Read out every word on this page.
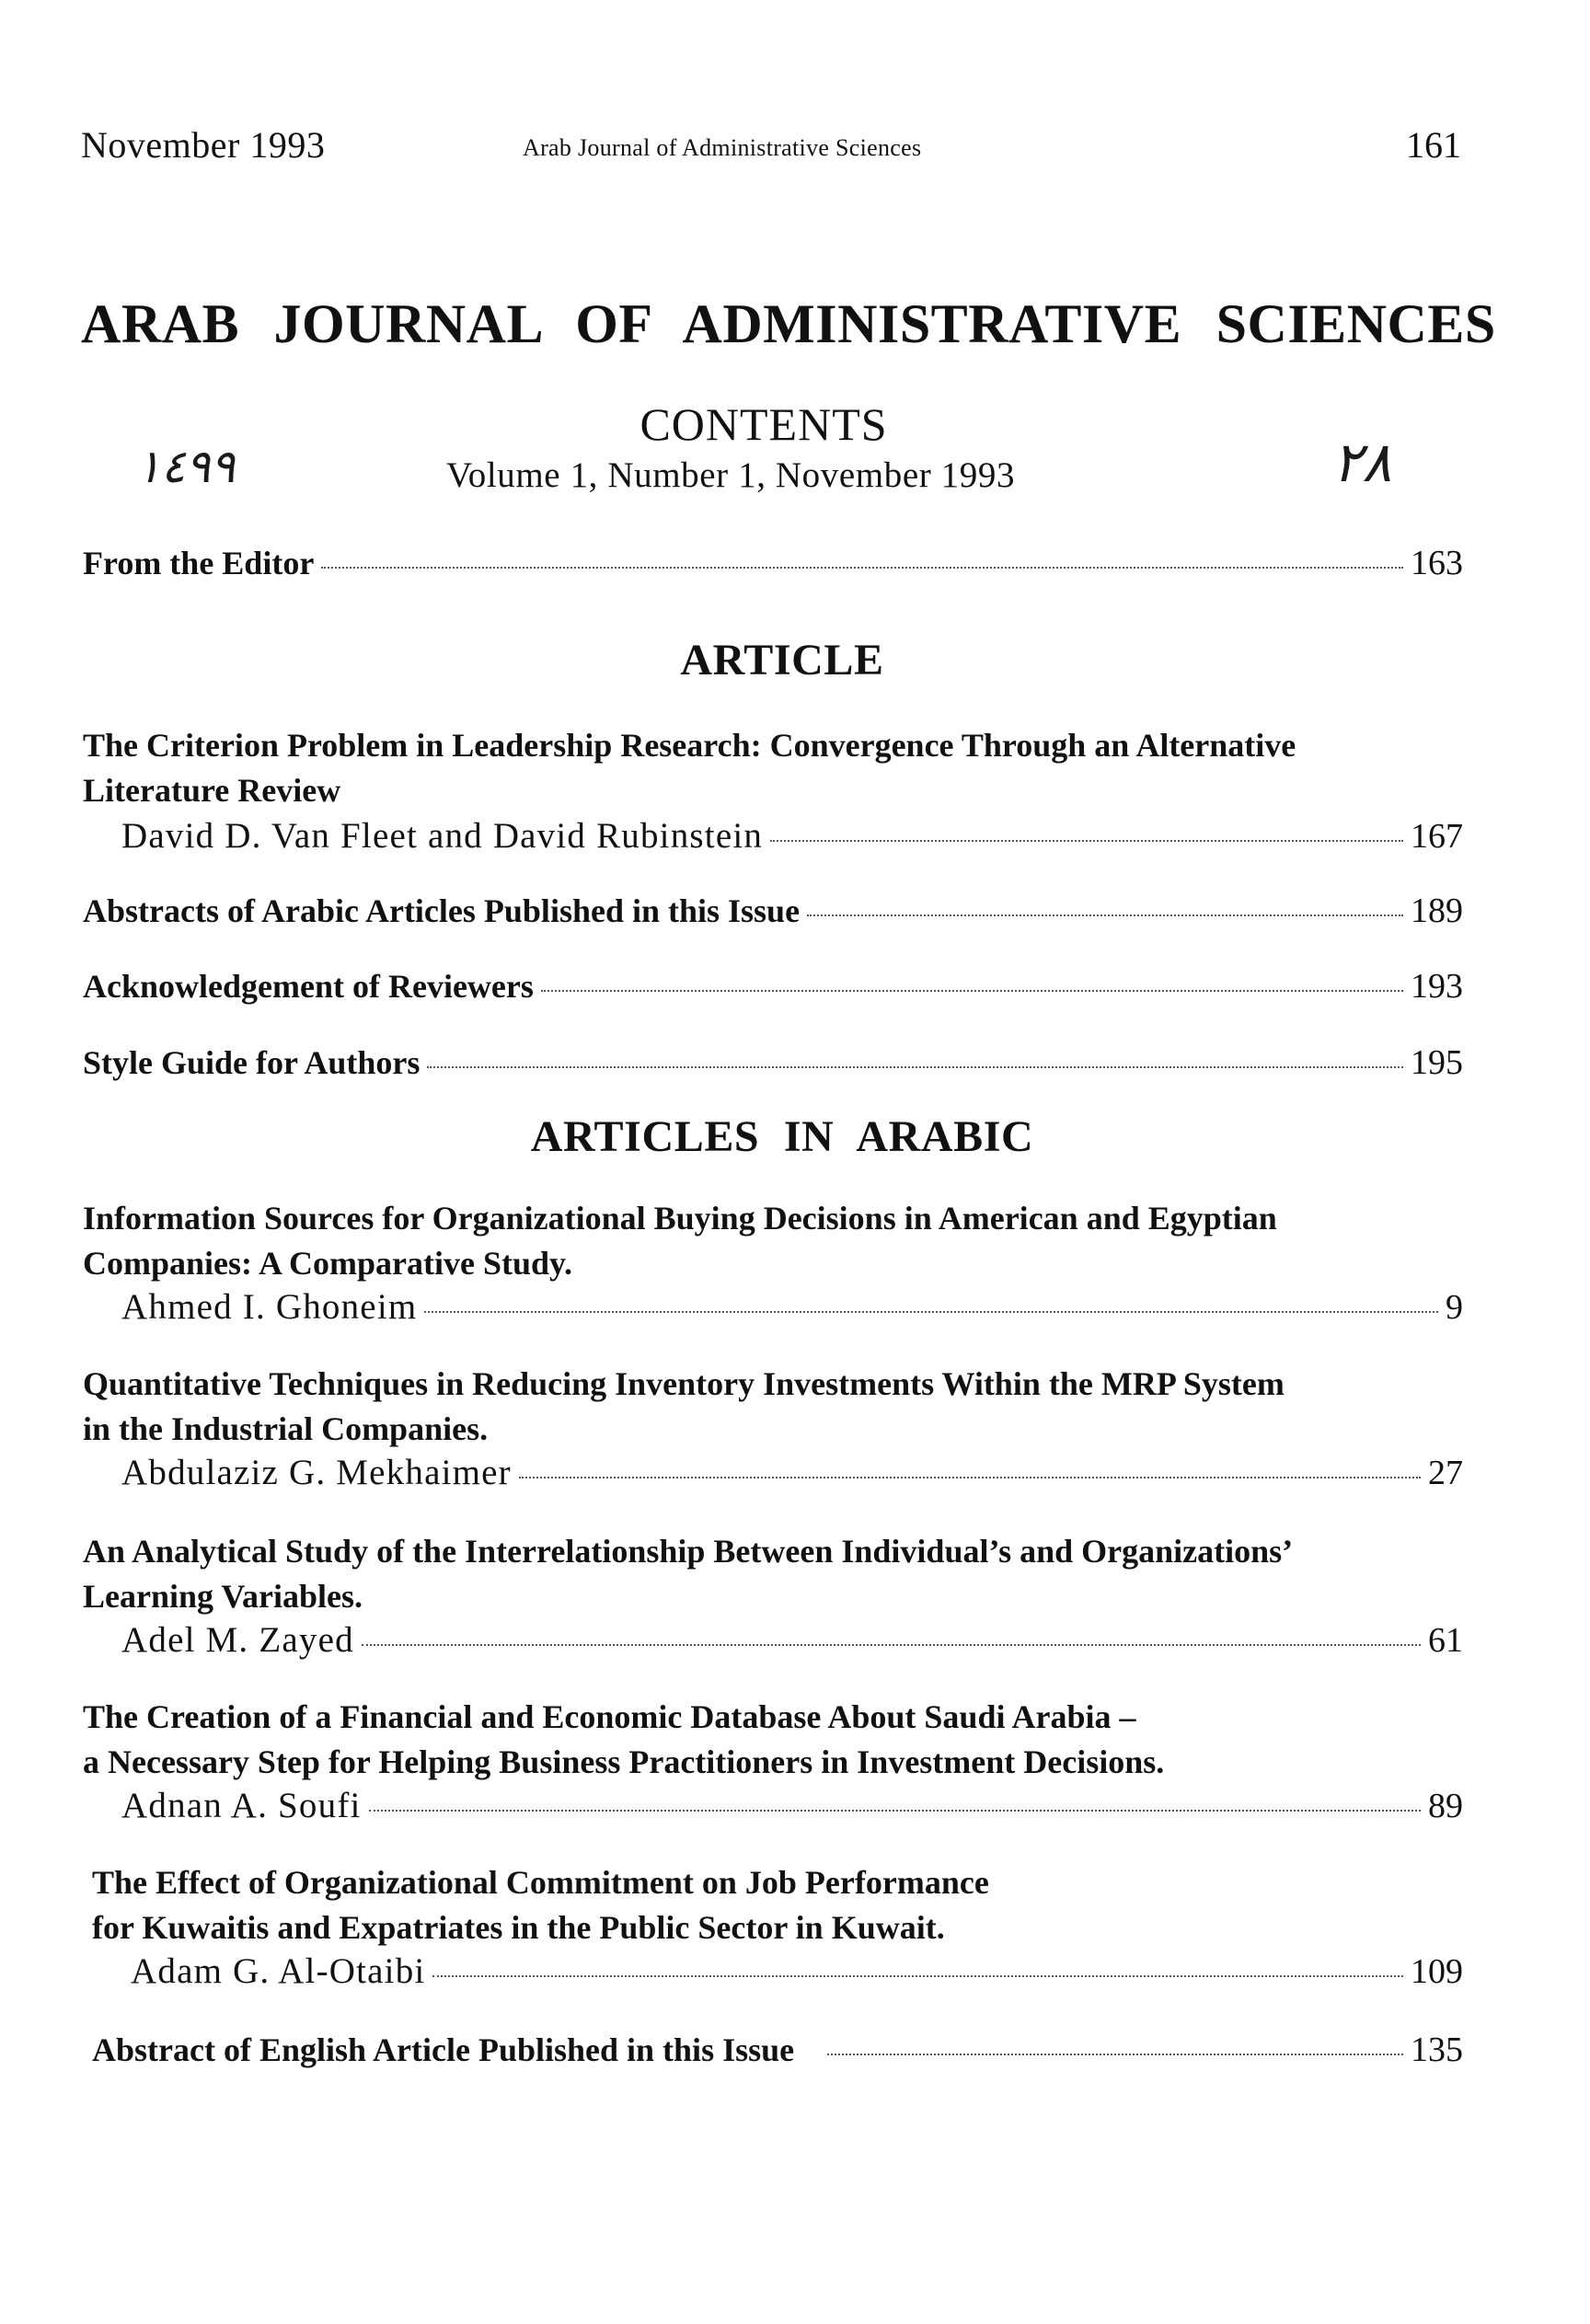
November 1993	Arab Journal of Administrative Sciences	161
ARAB JOURNAL OF ADMINISTRATIVE SCIENCES
CONTENTS
Volume 1, Number 1, November 1993
١٤٩٩	۲۸
From the Editor	163
ARTICLE
The Criterion Problem in Leadership Research: Convergence Through an Alternative
Literature Review
David D. Van Fleet and David Rubinstein	167
Abstracts of Arabic Articles Published in this Issue	189
Acknowledgement of Reviewers	193
Style Guide for Authors	195
ARTICLES IN ARABIC
Information Sources for Organizational Buying Decisions in American and Egyptian
Companies: A Comparative Study.
Ahmed I. Ghoneim	9
Quantitative Techniques in Reducing Inventory Investments Within the MRP System
in the Industrial Companies.
Abdulaziz G. Mekhaimer	27
An Analytical Study of the Interrelationship Between Individual’s and Organizations’
Learning Variables.
Adel M. Zayed	61
The Creation of a Financial and Economic Database About Saudi Arabia –
a Necessary Step for Helping Business Practitioners in Investment Decisions.
Adnan A. Soufi	89
The Effect of Organizational Commitment on Job Performance
for Kuwaitis and Expatriates in the Public Sector in Kuwait.
Adam G. Al-Otaibi	109
Abstract of English Article Published in this Issue	135
